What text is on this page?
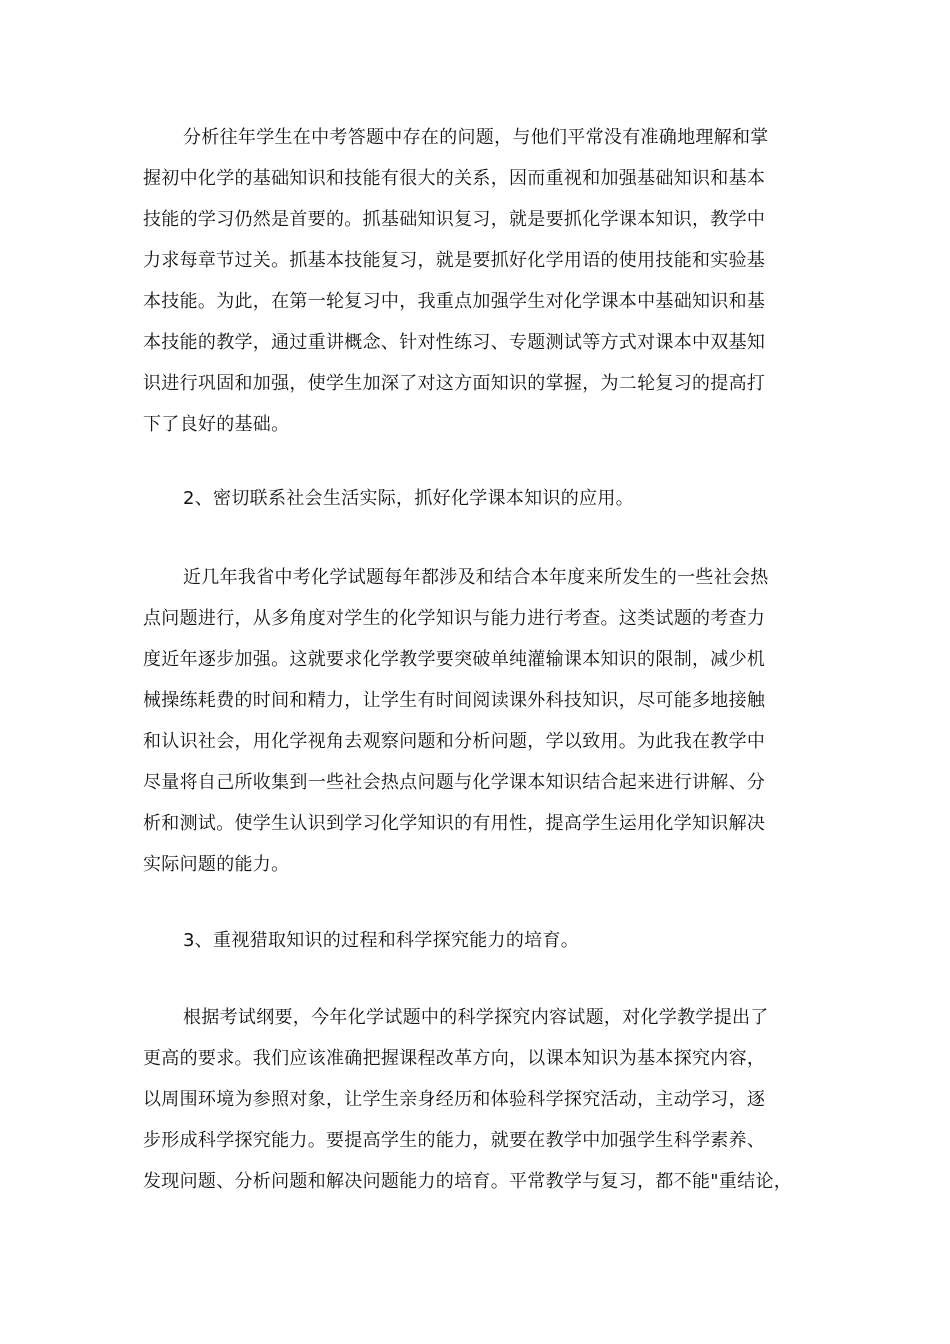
分析往年学生在中考答题中存在的问题，与他们平常没有准确地理解和掌
握初中化学的基础知识和技能有很大的关系，因而重视和加强基础知识和基本
技能的学习仍然是首要的。抓基础知识复习，就是要抓化学课本知识，教学中
力求每章节过关。抓基本技能复习，就是要抓好化学用语的使用技能和实验基
本技能。为此，在第一轮复习中，我重点加强学生对化学课本中基础知识和基
本技能的教学，通过重讲概念、针对性练习、专题测试等方式对课本中双基知
识进行巩固和加强，使学生加深了对这方面知识的掌握，为二轮复习的提高打
下了良好的基础。

2、密切联系社会生活实际，抓好化学课本知识的应用。

近几年我省中考化学试题每年都涉及和结合本年度来所发生的一些社会热
点问题进行，从多角度对学生的化学知识与能力进行考查。这类试题的考查力
度近年逐步加强。这就要求化学教学要突破单纯灌输课本知识的限制，减少机
械操练耗费的时间和精力，让学生有时间阅读课外科技知识，尽可能多地接触
和认识社会，用化学视角去观察问题和分析问题，学以致用。为此我在教学中
尽量将自己所收集到一些社会热点问题与化学课本知识结合起来进行讲解、分
析和测试。使学生认识到学习化学知识的有用性，提高学生运用化学知识解决
实际问题的能力。

3、重视猎取知识的过程和科学探究能力的培育。

根据考试纲要，今年化学试题中的科学探究内容试题，对化学教学提出了
更高的要求。我们应该准确把握课程改革方向，以课本知识为基本探究内容，
以周围环境为参照对象，让学生亲身经历和体验科学探究活动，主动学习，逐
步形成科学探究能力。要提高学生的能力，就要在教学中加强学生科学素养、
发现问题、分析问题和解决问题能力的培育。平常教学与复习，都不能"重结论，
